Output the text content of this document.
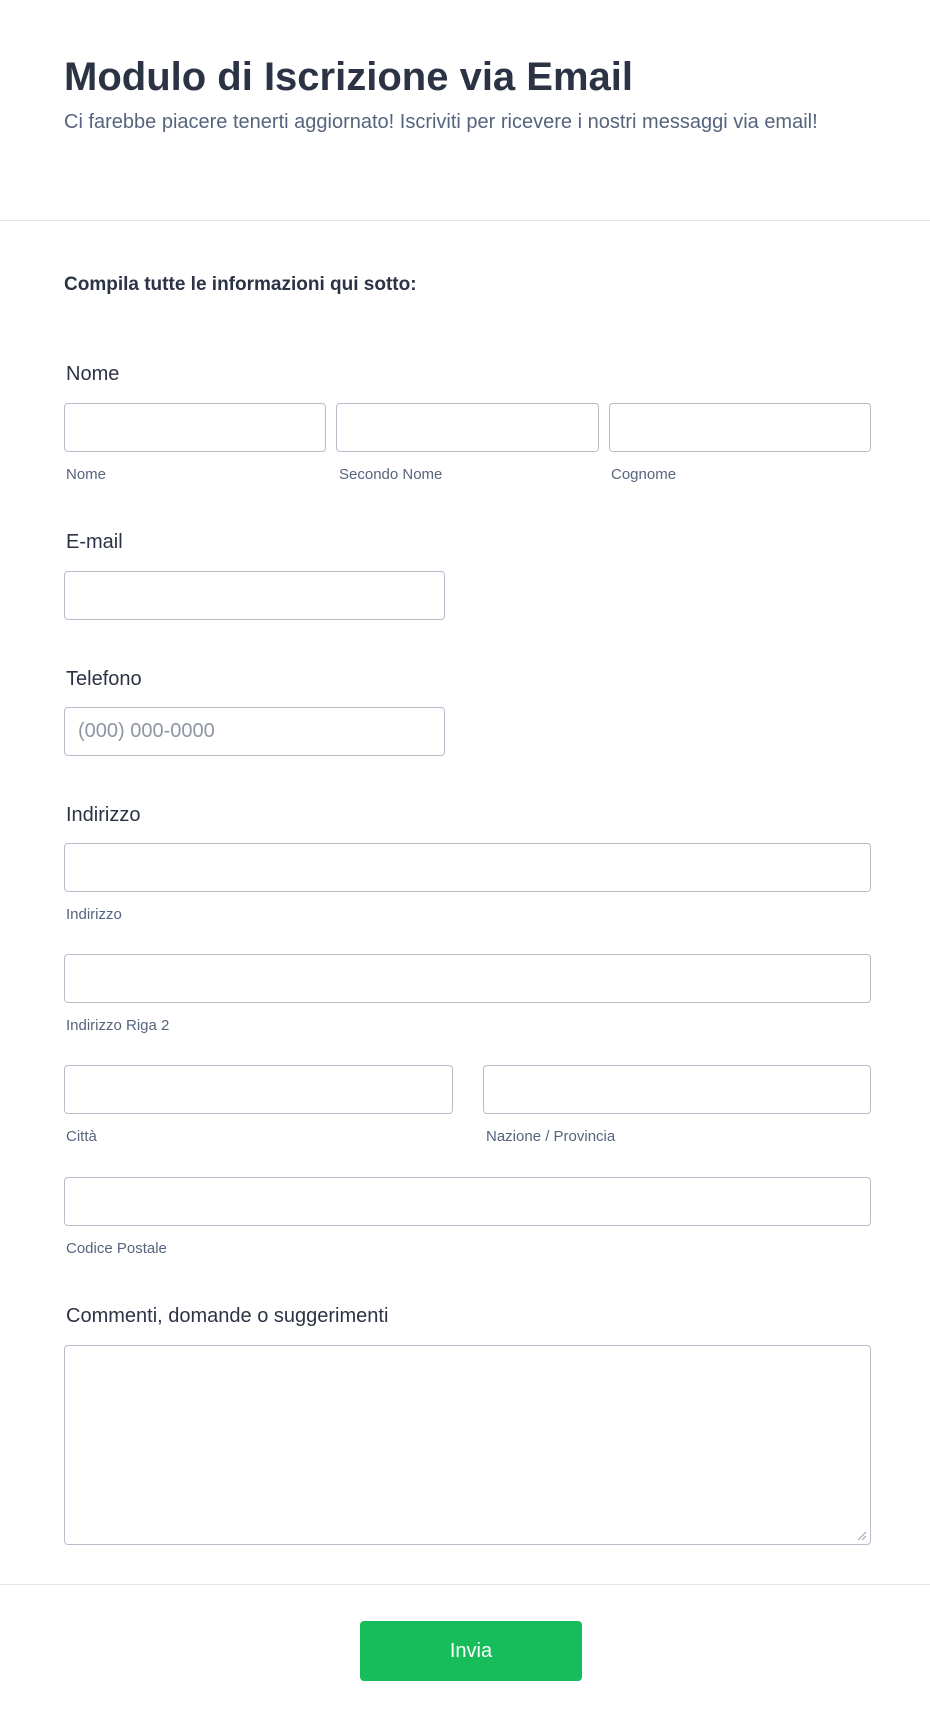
Modulo di Iscrizione via Email

Ci farebbe piacere tenerti aggiornato! Iscriviti per ricevere i nostri messaggi via email!

Compila tutte le informazioni qui sotto:

Nome
Nome	Secondo Nome	Cognome
E-mail
Telefono
(000) 000-0000
Indirizzo
Indirizzo
Indirizzo Riga 2
Città	Nazione / Provincia
Codice Postale
Commenti, domande o suggerimenti
Invia
